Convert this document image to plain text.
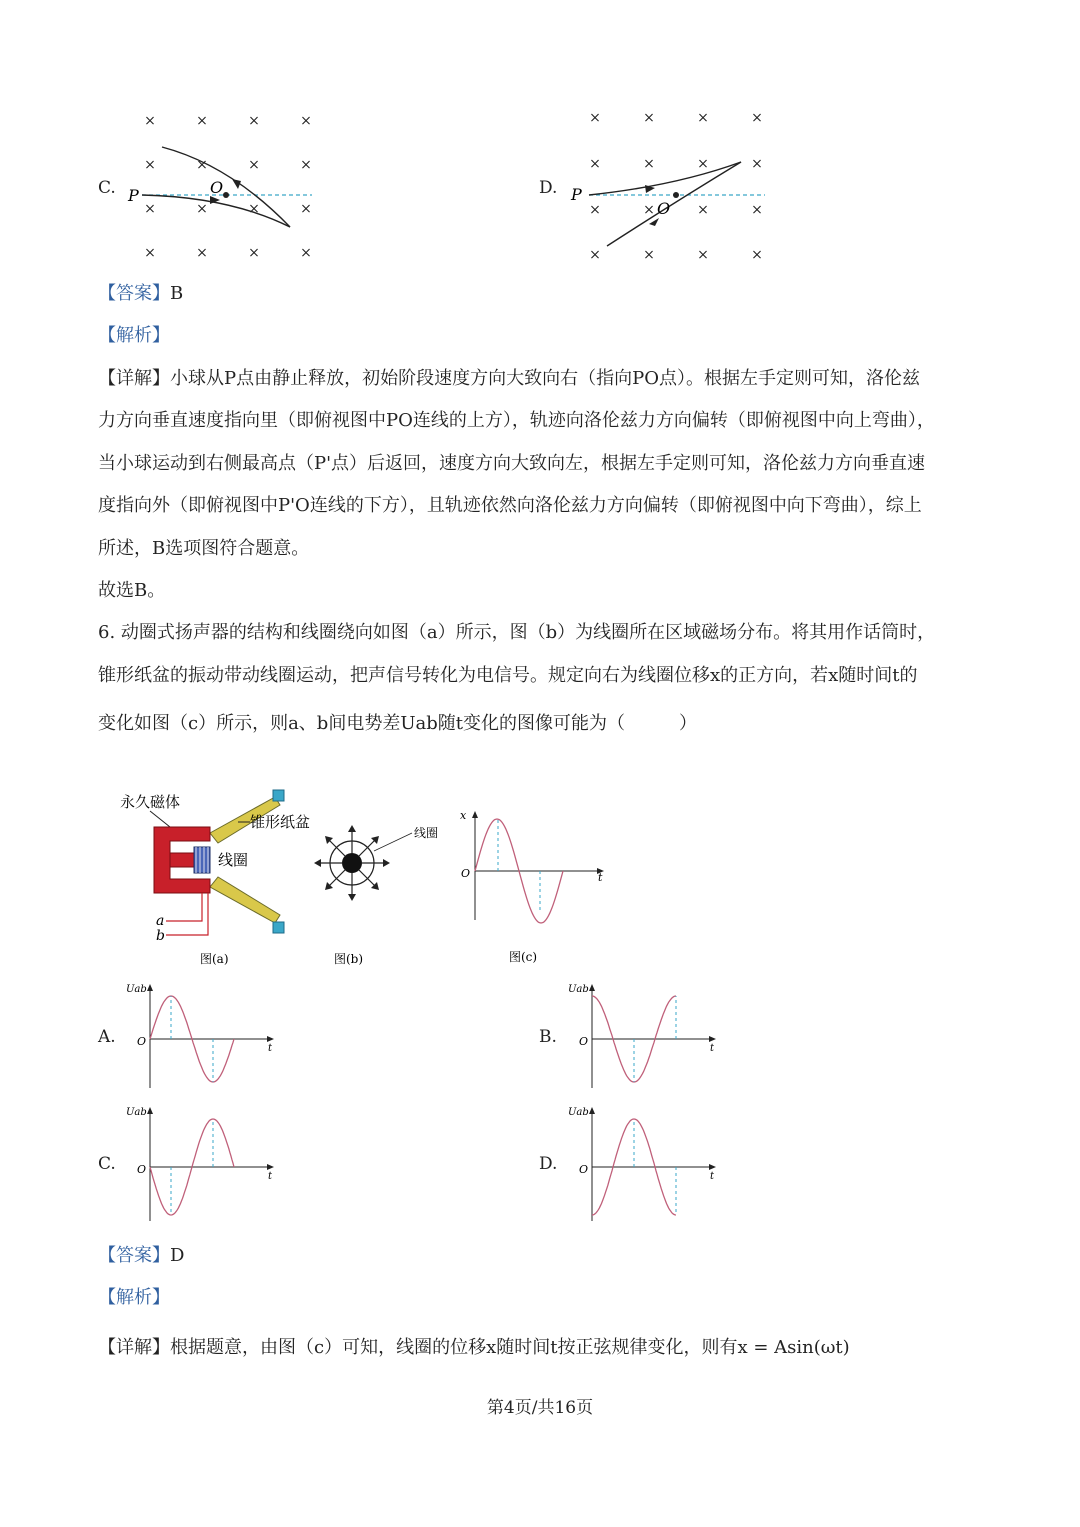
C.
×	×	×	×
×	×	×	×
×	×	×	×
×	×	×	×
P	O	D.
×	×	×	×
×	×	×	×
×	×	×	×
×	×	×	×
P
O
【答案】B
【解析】
【详解】小球从P点由静止释放，初始阶段速度方向大致向右（指向PO点）。根据左手定则可知，洛伦兹
力方向垂直速度指向里（即俯视图中PO连线的上方），轨迹向洛伦兹力方向偏转（即俯视图中向上弯曲），
当小球运动到右侧最高点（P'点）后返回，速度方向大致向左，根据左手定则可知，洛伦兹力方向垂直速
度指向外（即俯视图中P'O连线的下方），且轨迹依然向洛伦兹力方向偏转（即俯视图中向下弯曲），综上
所述，B选项图符合题意。
故选B。
6. 动圈式扬声器的结构和线圈绕向如图（a）所示，图（b）为线圈所在区域磁场分布。将其用作话筒时，
锥形纸盆的振动带动线圈运动，把声信号转化为电信号。规定向右为线圈位移x的正方向，若x随时间t的
变化如图（c）所示，则a、b间电势差Uab随t变化的图像可能为（　　　）
永久磁体
锥形纸盆
线圈
a
b
图(a)
线圈
图(b)
x
t
O
图(c)
A.	B.
C.	D.
Uab
t
O
Uab
t
O
Uab
t
O
Uab
t
O
【答案】D
【解析】
【详解】根据题意，由图（c）可知，线圈的位移x随时间t按正弦规律变化，则有x = Asin(ωt)
第4页/共16页
